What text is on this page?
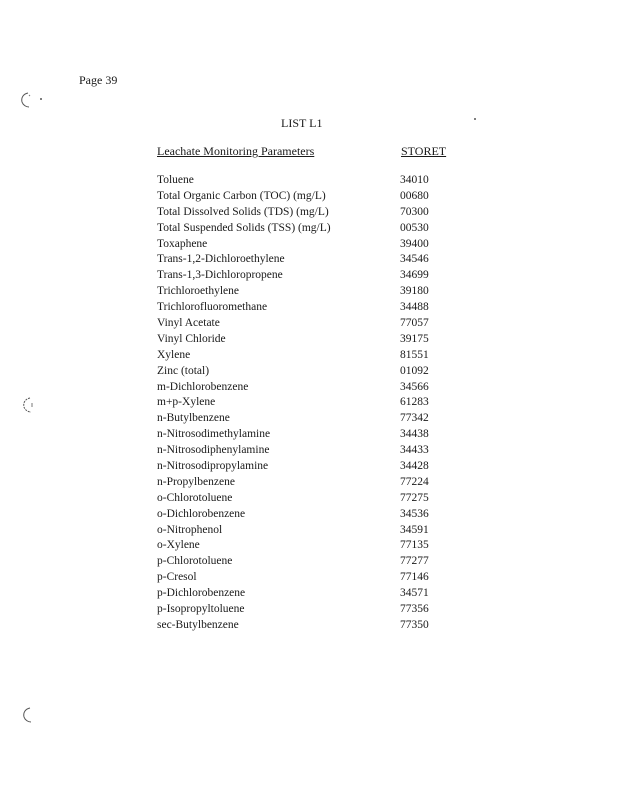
Page 39
LIST L1
Leachate Monitoring Parameters	STORET
Toluene	34010
Total Organic Carbon (TOC) (mg/L)	00680
Total Dissolved Solids (TDS) (mg/L)	70300
Total Suspended Solids (TSS) (mg/L)	00530
Toxaphene	39400
Trans-1,2-Dichloroethylene	34546
Trans-1,3-Dichloropropene	34699
Trichloroethylene	39180
Trichlorofluoromethane	34488
Vinyl Acetate	77057
Vinyl Chloride	39175
Xylene	81551
Zinc (total)	01092
m-Dichlorobenzene	34566
m+p-Xylene	61283
n-Butylbenzene	77342
n-Nitrosodimethylamine	34438
n-Nitrosodiphenylamine	34433
n-Nitrosodipropylamine	34428
n-Propylbenzene	77224
o-Chlorotoluene	77275
o-Dichlorobenzene	34536
o-Nitrophenol	34591
o-Xylene	77135
p-Chlorotoluene	77277
p-Cresol	77146
p-Dichlorobenzene	34571
p-Isopropyltoluene	77356
sec-Butylbenzene	77350
